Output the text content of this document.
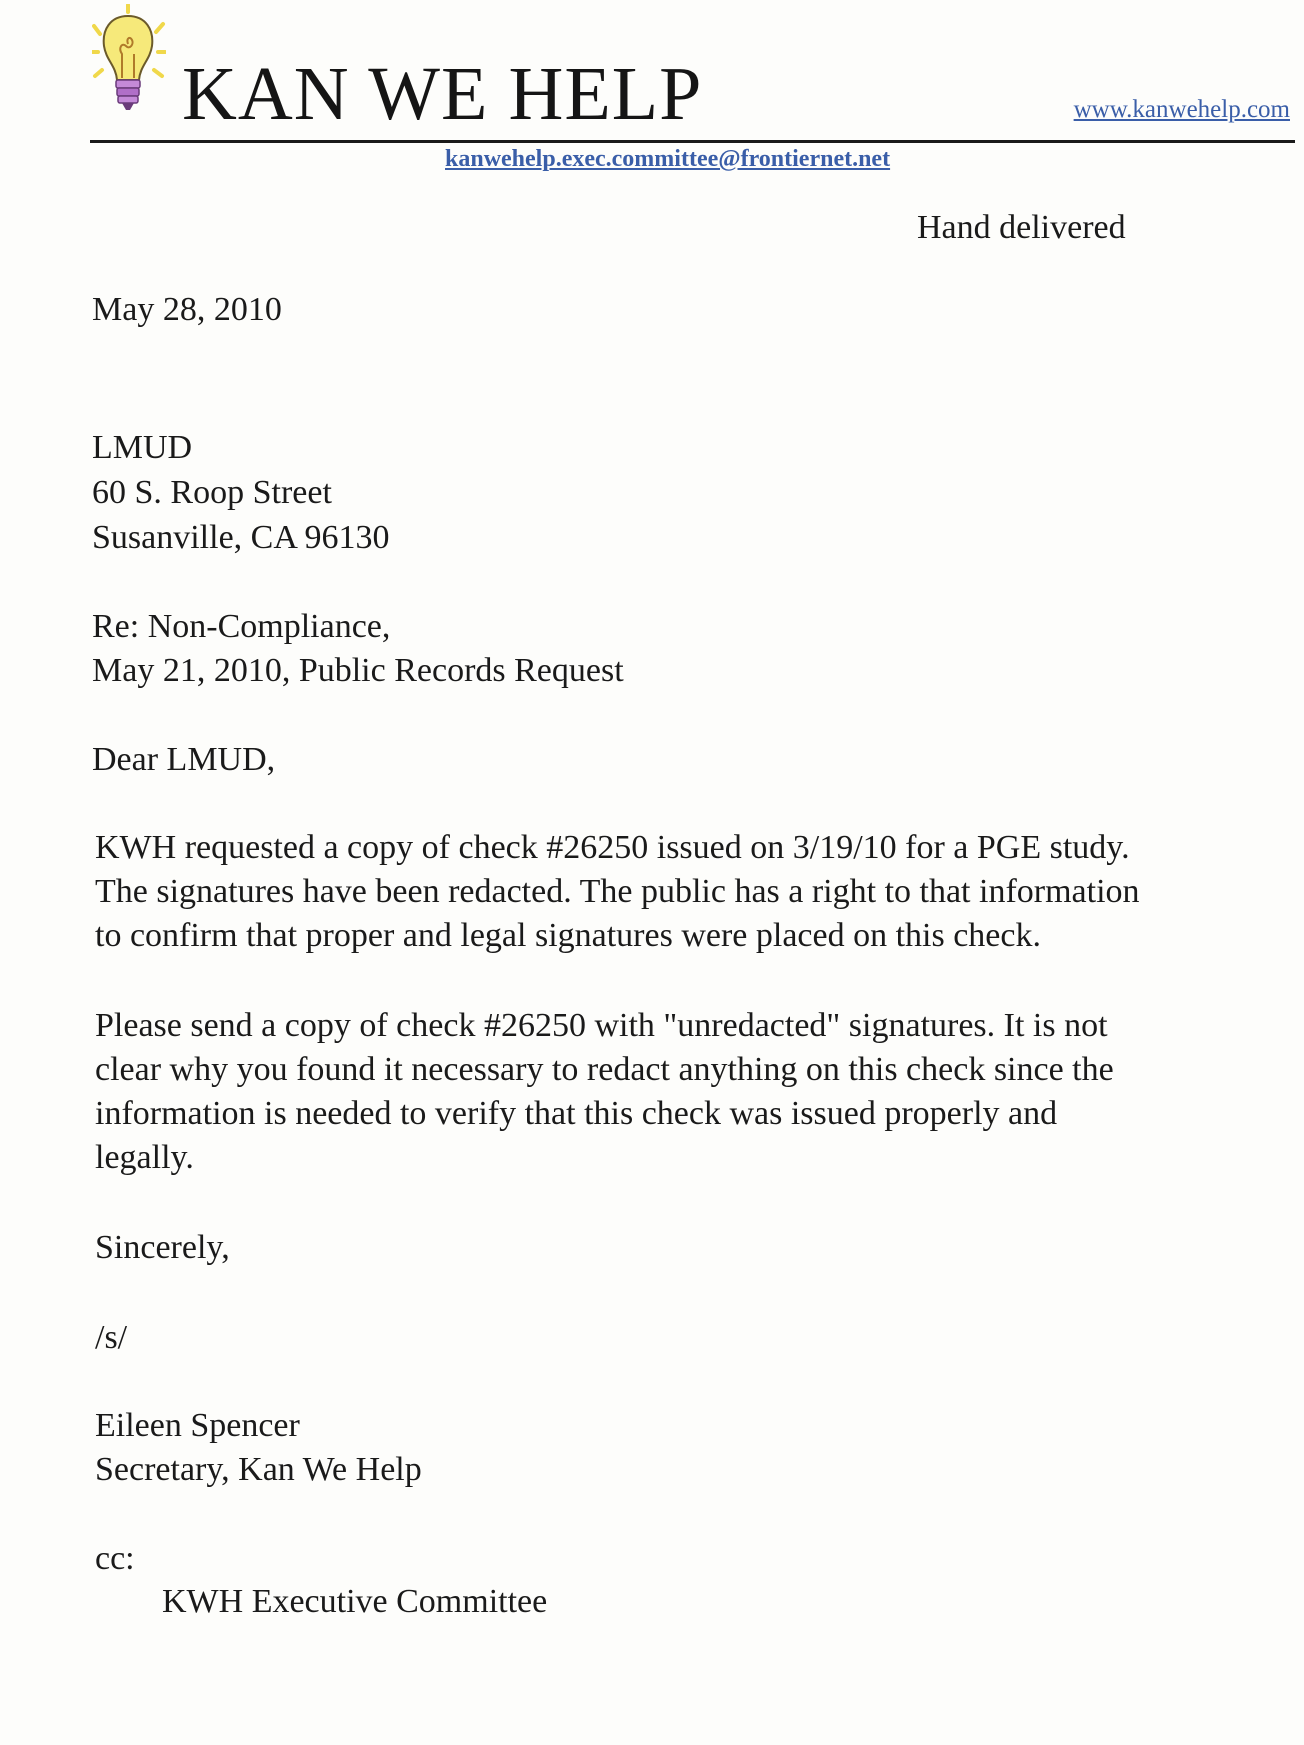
KAN WE HELP	www.kanwehelp.com
kanwehelp.exec.committee@frontiernet.net
Hand delivered
May 28, 2010
LMUD
60 S. Roop Street
Susanville, CA 96130
Re: Non-Compliance,
May 21, 2010, Public Records Request
Dear LMUD,
KWH requested a copy of check #26250 issued on 3/19/10 for a PGE study.
The signatures have been redacted. The public has a right to that information
to confirm that proper and legal signatures were placed on this check.
Please send a copy of check #26250 with "unredacted" signatures. It is not
clear why you found it necessary to redact anything on this check since the
information is needed to verify that this check was issued properly and
legally.
Sincerely,
/s/
Eileen Spencer
Secretary, Kan We Help
cc:
KWH Executive Committee
